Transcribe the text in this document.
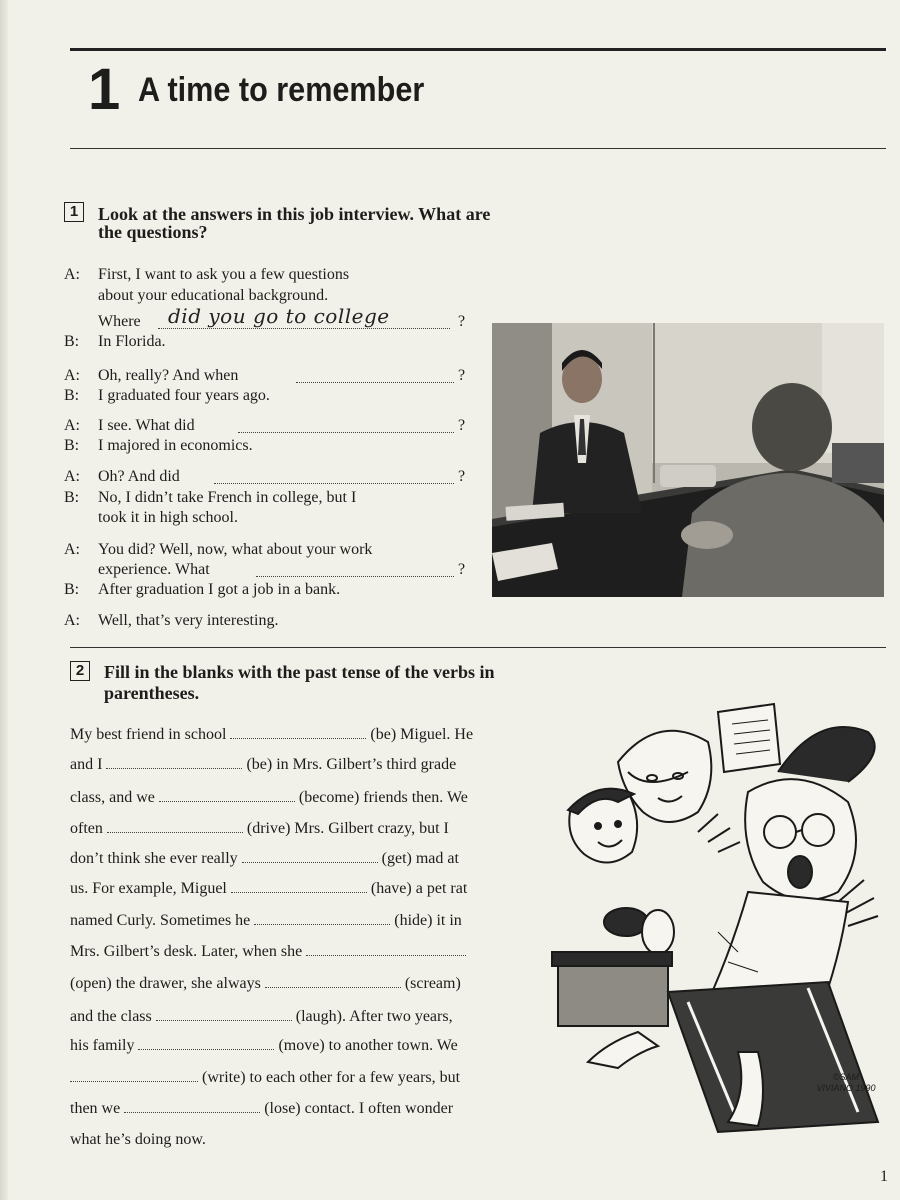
1 A time to remember
1	Look at the answers in this job interview. What are
the questions?
A: First, I want to ask you a few questions
about your educational background.
Where did you go to college	?
B: In Florida.
A: Oh, really? And when	?
B: I graduated four years ago.
A: I see. What did	?
B: I majored in economics.
A: Oh? And did	?
B: No, I didn’t take French in college, but I
took it in high school.
A: You did? Well, now, what about your work
experience. What	?
B: After graduation I got a job in a bank.
A: Well, that’s very interesting.
2	Fill in the blanks with the past tense of the verbs in
parentheses.
My best friend in school	(be) Miguel. He
and I	(be) in Mrs. Gilbert’s third grade
class, and we	(become) friends then. We
often	(drive) Mrs. Gilbert crazy, but I
don’t think she ever really	(get) mad at
us. For example, Miguel	(have) a pet rat
named Curly. Sometimes he	(hide) it in
Mrs. Gilbert’s desk. Later, when she
(open) the drawer, she always	(scream)
and the class	(laugh). After two years,
his family	(move) to another town. We
(write) to each other for a few years, but
then we	(lose) contact. I often wonder
what he’s doing now.
©SAM VIVIANO 1990
1
